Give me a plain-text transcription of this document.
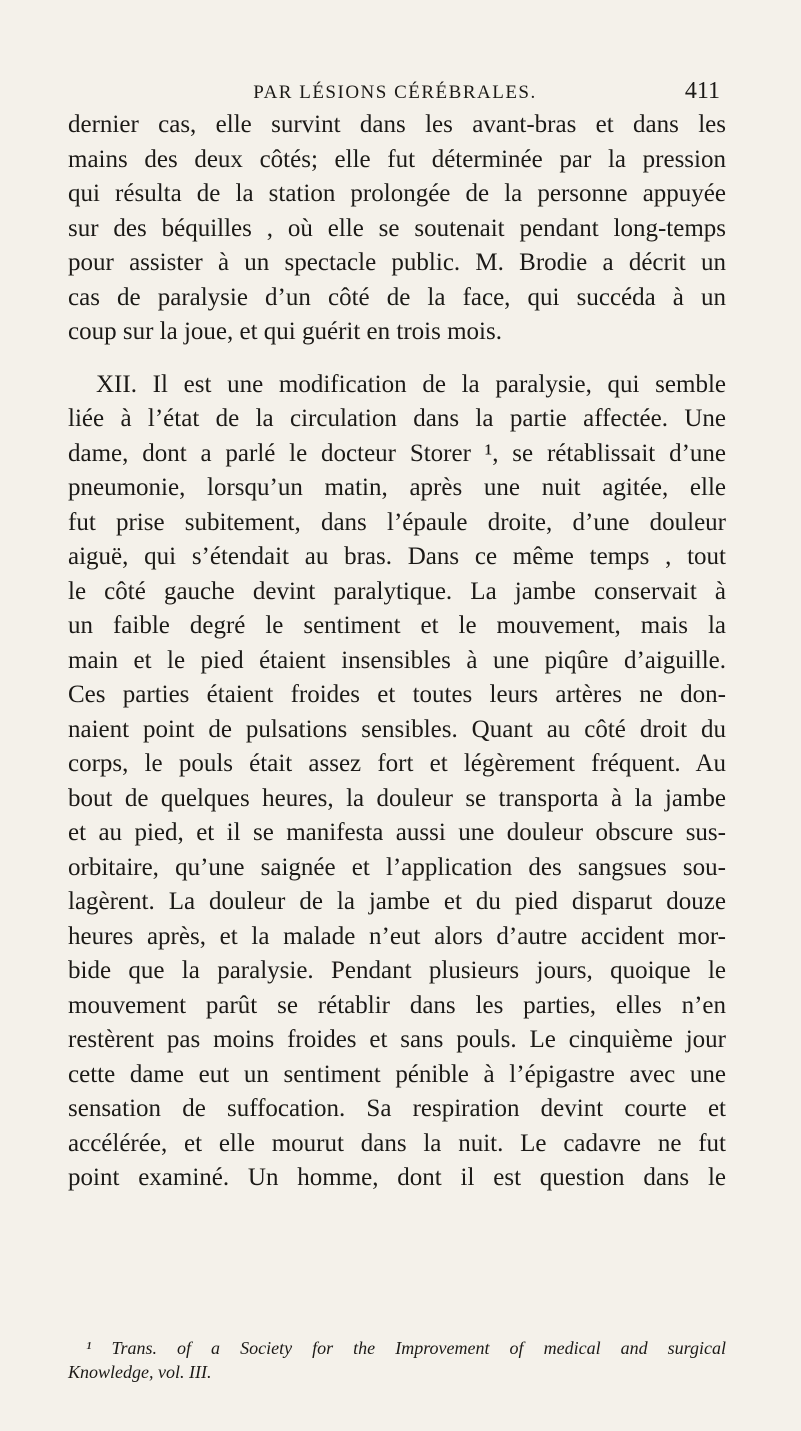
PAR LÉSIONS CÉRÉBRALES.	411
dernier cas, elle survint dans les avant-bras et dans les
mains des deux côtés; elle fut déterminée par la pression
qui résulta de la station prolongée de la personne appuyée
sur des béquilles , où elle se soutenait pendant long-temps
pour assister à un spectacle public. M. Brodie a décrit un
cas de paralysie d’un côté de la face, qui succéda à un
coup sur la joue, et qui guérit en trois mois.
XII. Il est une modification de la paralysie, qui semble
liée à l’état de la circulation dans la partie affectée. Une
dame, dont a parlé le docteur Storer ¹, se rétablissait d’une
pneumonie, lorsqu’un matin, après une nuit agitée, elle
fut prise subitement, dans l’épaule droite, d’une douleur
aiguë, qui s’étendait au bras. Dans ce même temps , tout
le côté gauche devint paralytique. La jambe conservait à
un faible degré le sentiment et le mouvement, mais la
main et le pied étaient insensibles à une piqûre d’aiguille.
Ces parties étaient froides et toutes leurs artères ne don-
naient point de pulsations sensibles. Quant au côté droit du
corps, le pouls était assez fort et légèrement fréquent. Au
bout de quelques heures, la douleur se transporta à la jambe
et au pied, et il se manifesta aussi une douleur obscure sus-
orbitaire, qu’une saignée et l’application des sangsues sou-
lagèrent. La douleur de la jambe et du pied disparut douze
heures après, et la malade n’eut alors d’autre accident mor-
bide que la paralysie. Pendant plusieurs jours, quoique le
mouvement parût se rétablir dans les parties, elles n’en
restèrent pas moins froides et sans pouls. Le cinquième jour
cette dame eut un sentiment pénible à l’épigastre avec une
sensation de suffocation. Sa respiration devint courte et
accélérée, et elle mourut dans la nuit. Le cadavre ne fut
point examiné. Un homme, dont il est question dans le
¹ Trans. of a Society for the Improvement of medical and surgical
Knowledge, vol. III.
